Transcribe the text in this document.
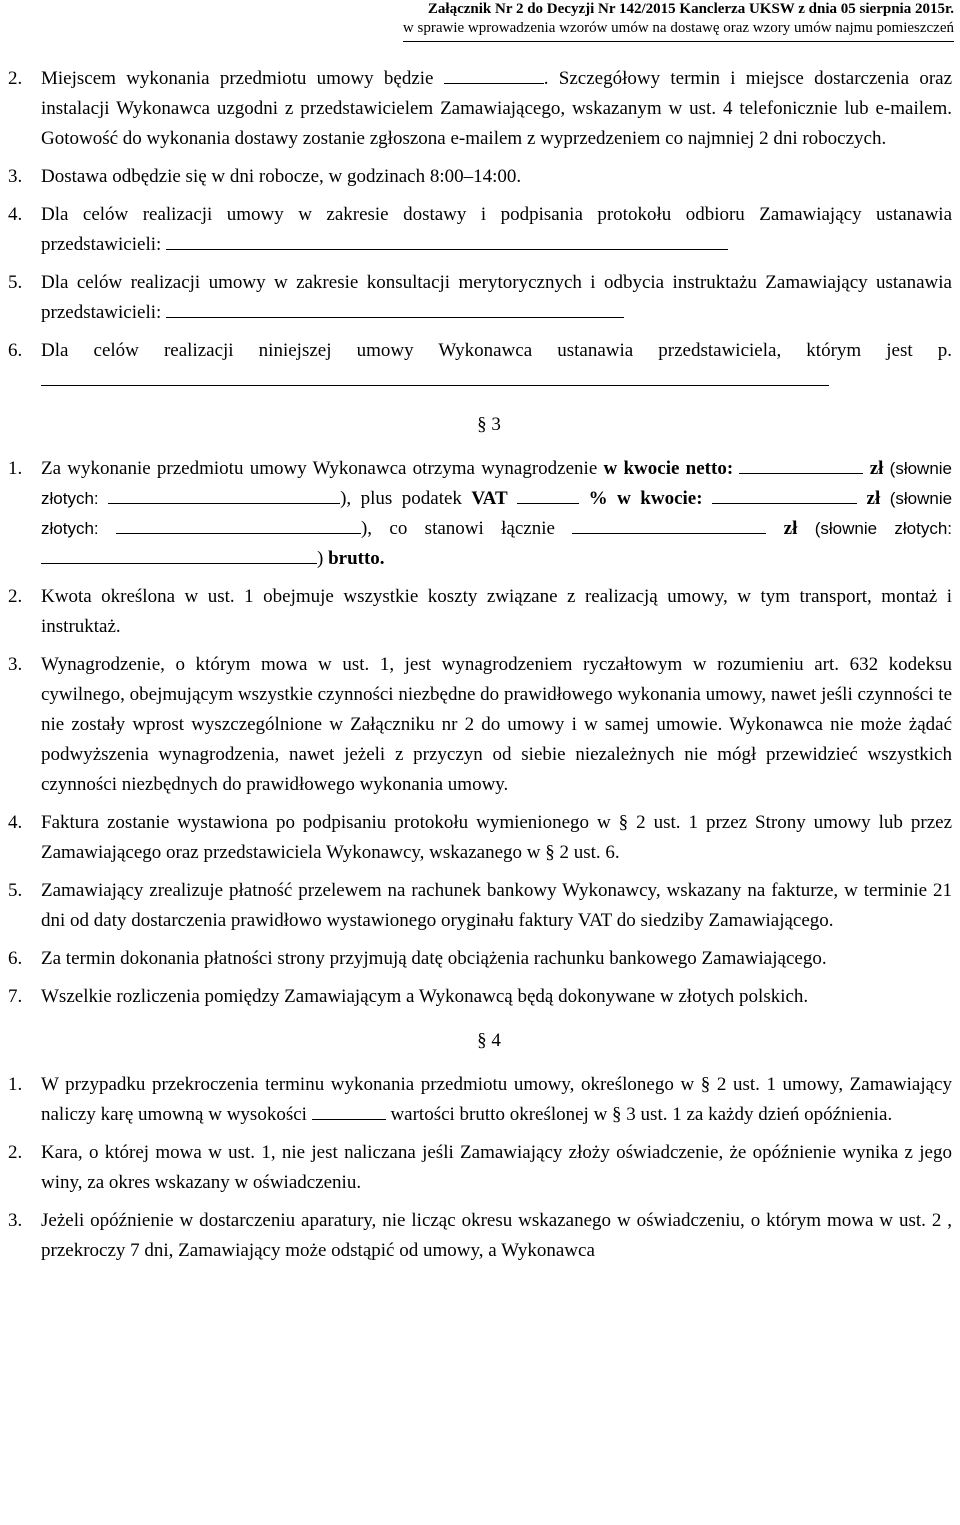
Załącznik Nr 2 do Decyzji Nr 142/2015 Kanclerza UKSW z dnia 05 sierpnia 2015r.
w sprawie wprowadzenia wzorów umów na dostawę oraz wzory umów najmu pomieszczeń
2. Miejscem wykonania przedmiotu umowy będzie	. Szczegółowy termin i miejsce dostarczenia oraz instalacji Wykonawca uzgodni z przedstawicielem Zamawiającego, wskazanym w ust. 4 telefonicznie lub e-mailem. Gotowość do wykonania dostawy zostanie zgłoszona e-mailem z wyprzedzeniem co najmniej 2 dni roboczych.
3. Dostawa odbędzie się w dni robocze, w godzinach 8:00‒14:00.
4. Dla celów realizacji umowy w zakresie dostawy i podpisania protokołu odbioru Zamawiający ustanawia przedstawicieli:
5. Dla celów realizacji umowy w zakresie konsultacji merytorycznych i odbycia instruktażu Zamawiający ustanawia przedstawicieli:
6. Dla celów realizacji niniejszej umowy Wykonawca ustanawia przedstawiciela, którym jest p.
§ 3
1. Za wykonanie przedmiotu umowy Wykonawca otrzyma wynagrodzenie w kwocie netto:	zł (słownie złotych:	), plus podatek VAT	% w kwocie:	zł (słownie złotych:	), co stanowi łącznie	zł (słownie złotych: ) brutto.
2. Kwota określona w ust. 1 obejmuje wszystkie koszty związane z realizacją umowy, w tym transport, montaż i instruktaż.
3. Wynagrodzenie, o którym mowa w ust. 1, jest wynagrodzeniem ryczałtowym w rozumieniu art. 632 kodeksu cywilnego, obejmującym wszystkie czynności niezbędne do prawidłowego wykonania umowy, nawet jeśli czynności te nie zostały wprost wyszczególnione w Załączniku nr 2 do umowy i w samej umowie. Wykonawca nie może żądać podwyższenia wynagrodzenia, nawet jeżeli z przyczyn od siebie niezależnych nie mógł przewidzieć wszystkich czynności niezbędnych do prawidłowego wykonania umowy.
4. Faktura zostanie wystawiona po podpisaniu protokołu wymienionego w § 2 ust. 1 przez Strony umowy lub przez Zamawiającego oraz przedstawiciela Wykonawcy, wskazanego w § 2 ust. 6.
5. Zamawiający zrealizuje płatność przelewem na rachunek bankowy Wykonawcy, wskazany na fakturze, w terminie 21 dni od daty dostarczenia prawidłowo wystawionego oryginału faktury VAT do siedziby Zamawiającego.
6. Za termin dokonania płatności strony przyjmują datę obciążenia rachunku bankowego Zamawiającego.
7. Wszelkie rozliczenia pomiędzy Zamawiającym a Wykonawcą będą dokonywane w złotych polskich.
§ 4
1. W przypadku przekroczenia terminu wykonania przedmiotu umowy, określonego w § 2 ust. 1 umowy, Zamawiający naliczy karę umowną w wysokości	wartości brutto określonej w § 3 ust. 1 za każdy dzień opóźnienia.
2. Kara, o której mowa w ust. 1, nie jest naliczana jeśli Zamawiający złoży oświadczenie, że opóźnienie wynika z jego winy, za okres wskazany w oświadczeniu.
3. Jeżeli opóźnienie w dostarczeniu aparatury, nie licząc okresu wskazanego w oświadczeniu, o którym mowa w ust. 2 , przekroczy 7 dni, Zamawiający może odstąpić od umowy, a Wykonawca
